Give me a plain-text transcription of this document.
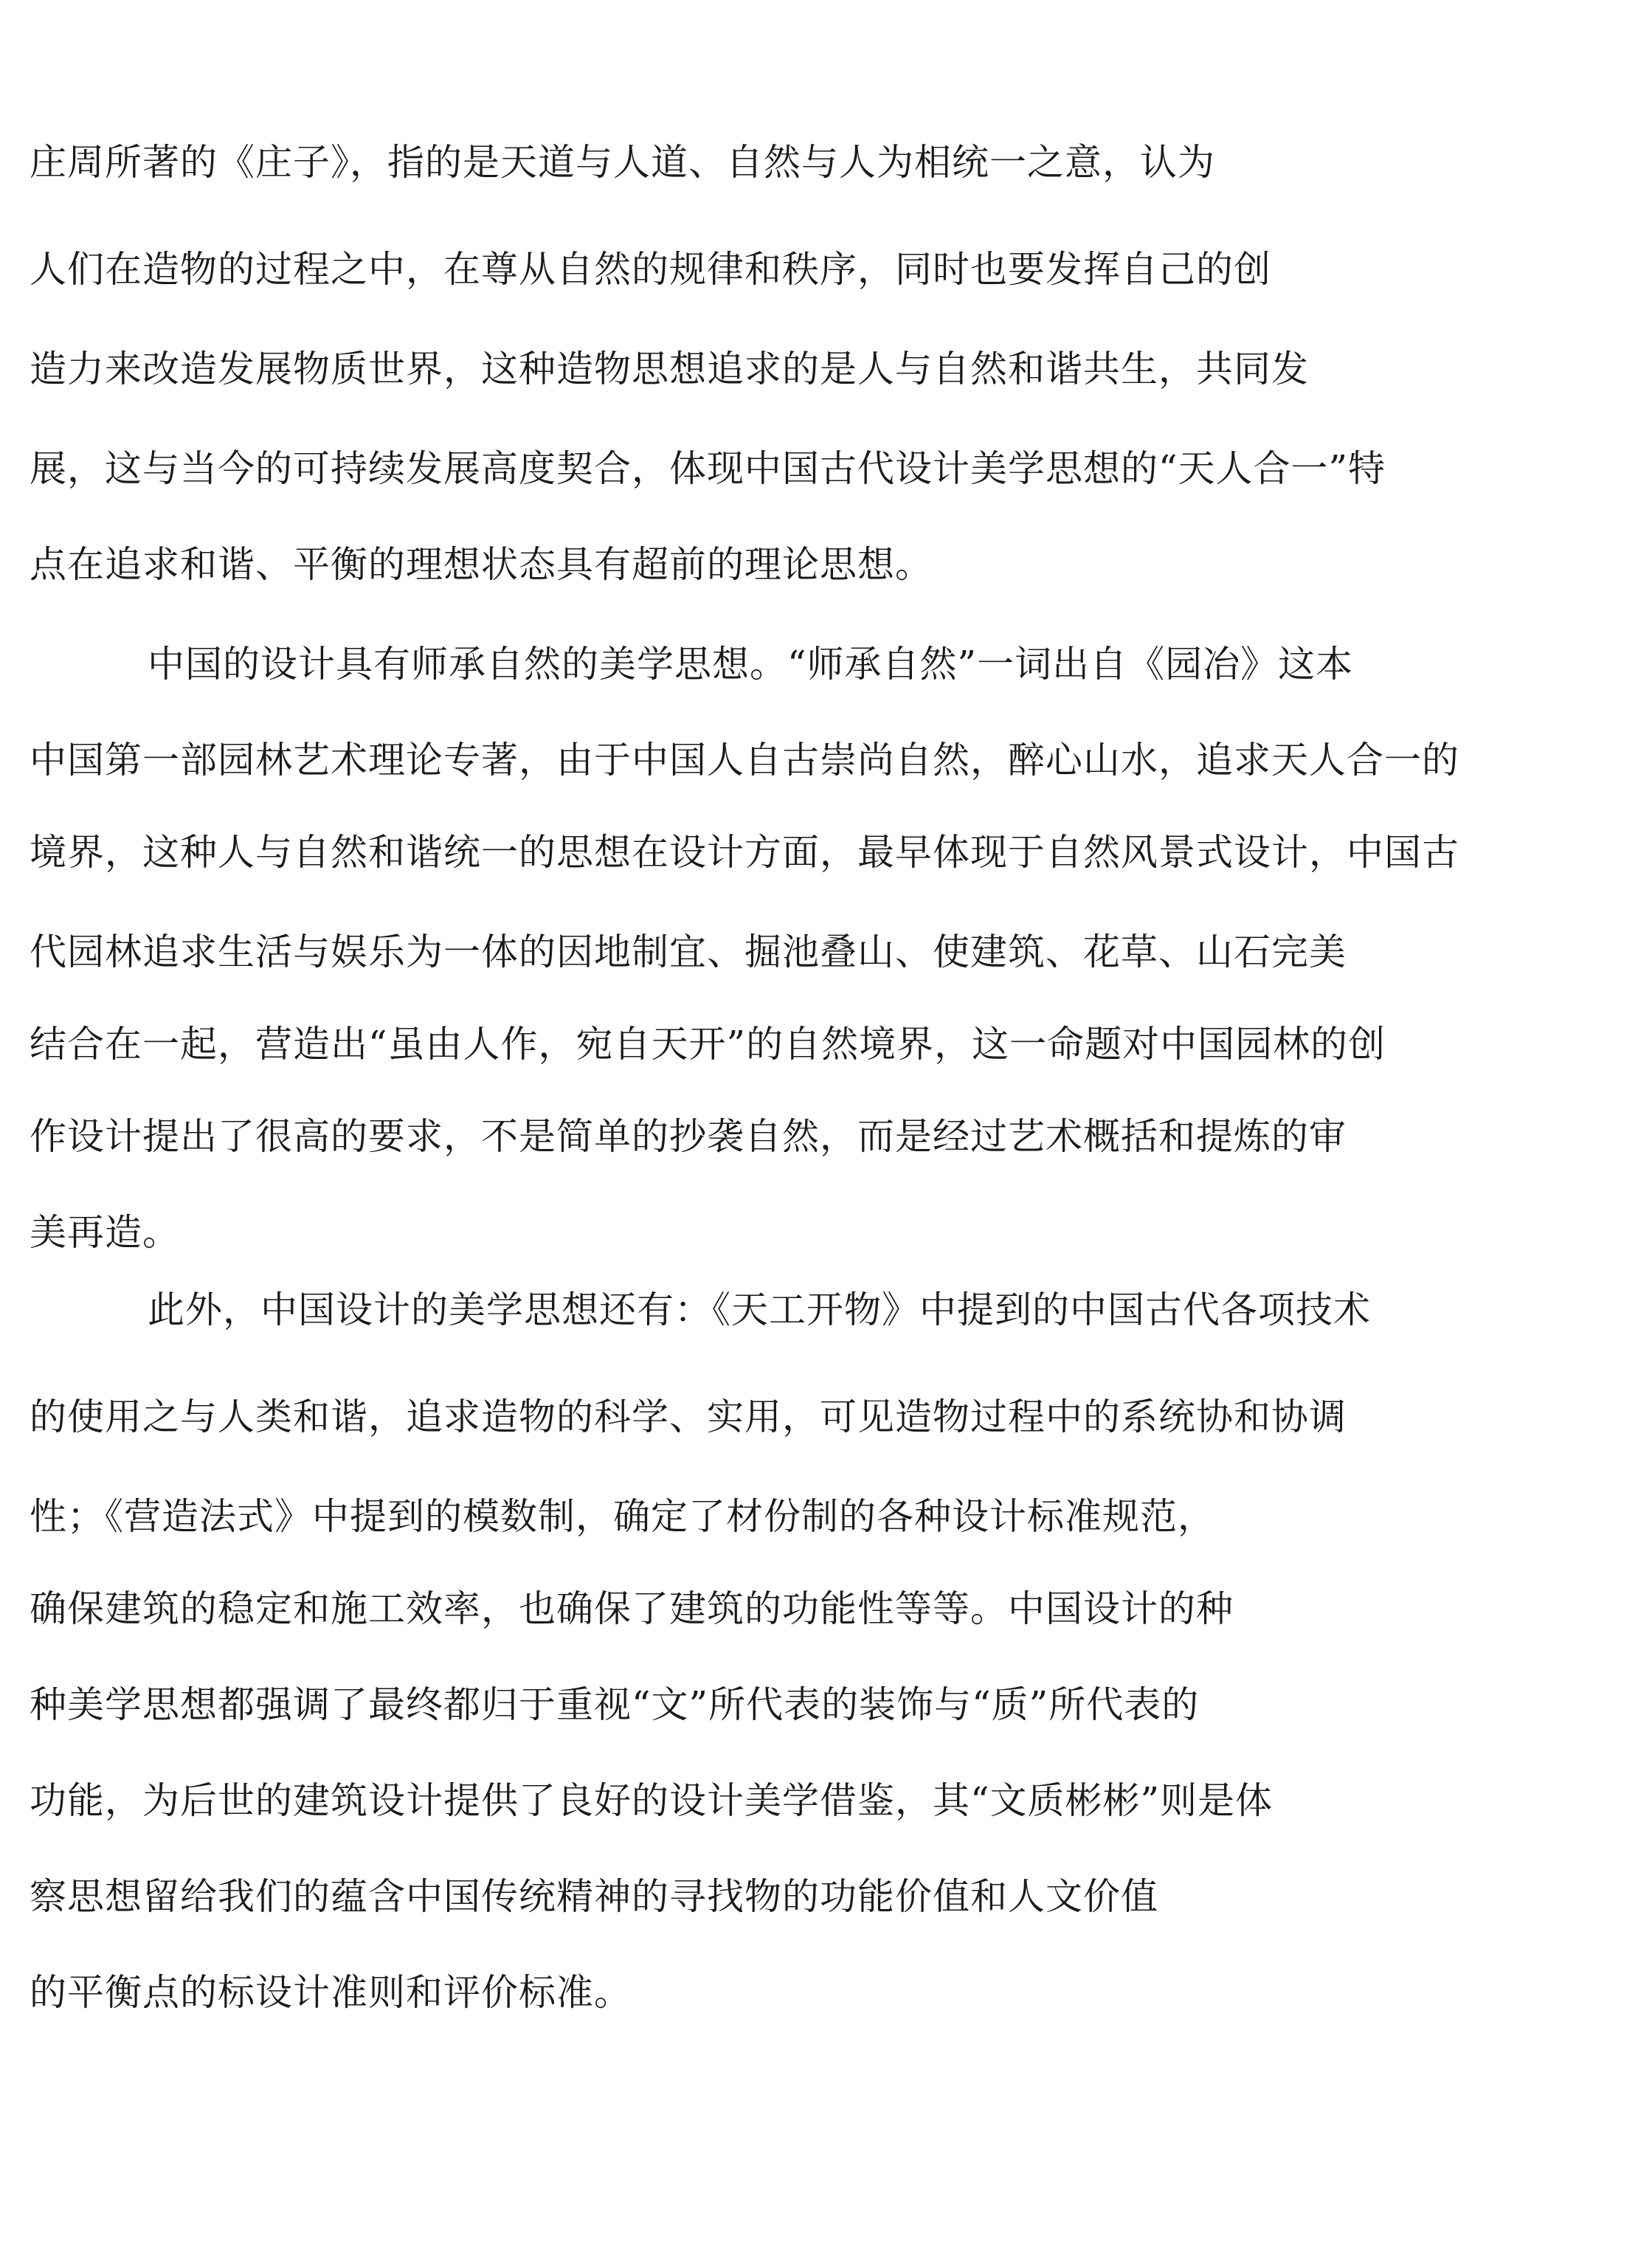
庄周所著的《庄子》，指的是天道与人道、自然与人为相统一之意，认为
人们在造物的过程之中，在尊从自然的规律和秩序，同时也要发挥自己的创
造力来改造发展物质世界，这种造物思想追求的是人与自然和谐共生，共同发
展，这与当今的可持续发展高度契合，体现中国古代设计美学思想的“天人合一”特
点在追求和谐、平衡的理想状态具有超前的理论思想。
中国的设计具有师承自然的美学思想。“师承自然”一词出自《园冶》这本
中国第一部园林艺术理论专著，由于中国人自古崇尚自然，醉心山水，追求天人合一的
境界，这种人与自然和谐统一的思想在设计方面，最早体现于自然风景式设计，中国古
代园林追求生活与娱乐为一体的因地制宜、掘池叠山、使建筑、花草、山石完美
结合在一起，营造出“虽由人作，宛自天开”的自然境界，这一命题对中国园林的创
作设计提出了很高的要求，不是简单的抄袭自然，而是经过艺术概括和提炼的审
美再造。
此外，中国设计的美学思想还有：《天工开物》中提到的中国古代各项技术
的使用之与人类和谐，追求造物的科学、实用，可见造物过程中的系统协和协调
性；《营造法式》中提到的模数制，确定了材份制的各种设计标准规范，
确保建筑的稳定和施工效率，也确保了建筑的功能性等等。中国设计的种
种美学思想都强调了最终都归于重视“文”所代表的装饰与“质”所代表的
功能，为后世的建筑设计提供了良好的设计美学借鉴，其“文质彬彬”则是体
察思想留给我们的蕴含中国传统精神的寻找物的功能价值和人文价值
的平衡点的标设计准则和评价标准。
